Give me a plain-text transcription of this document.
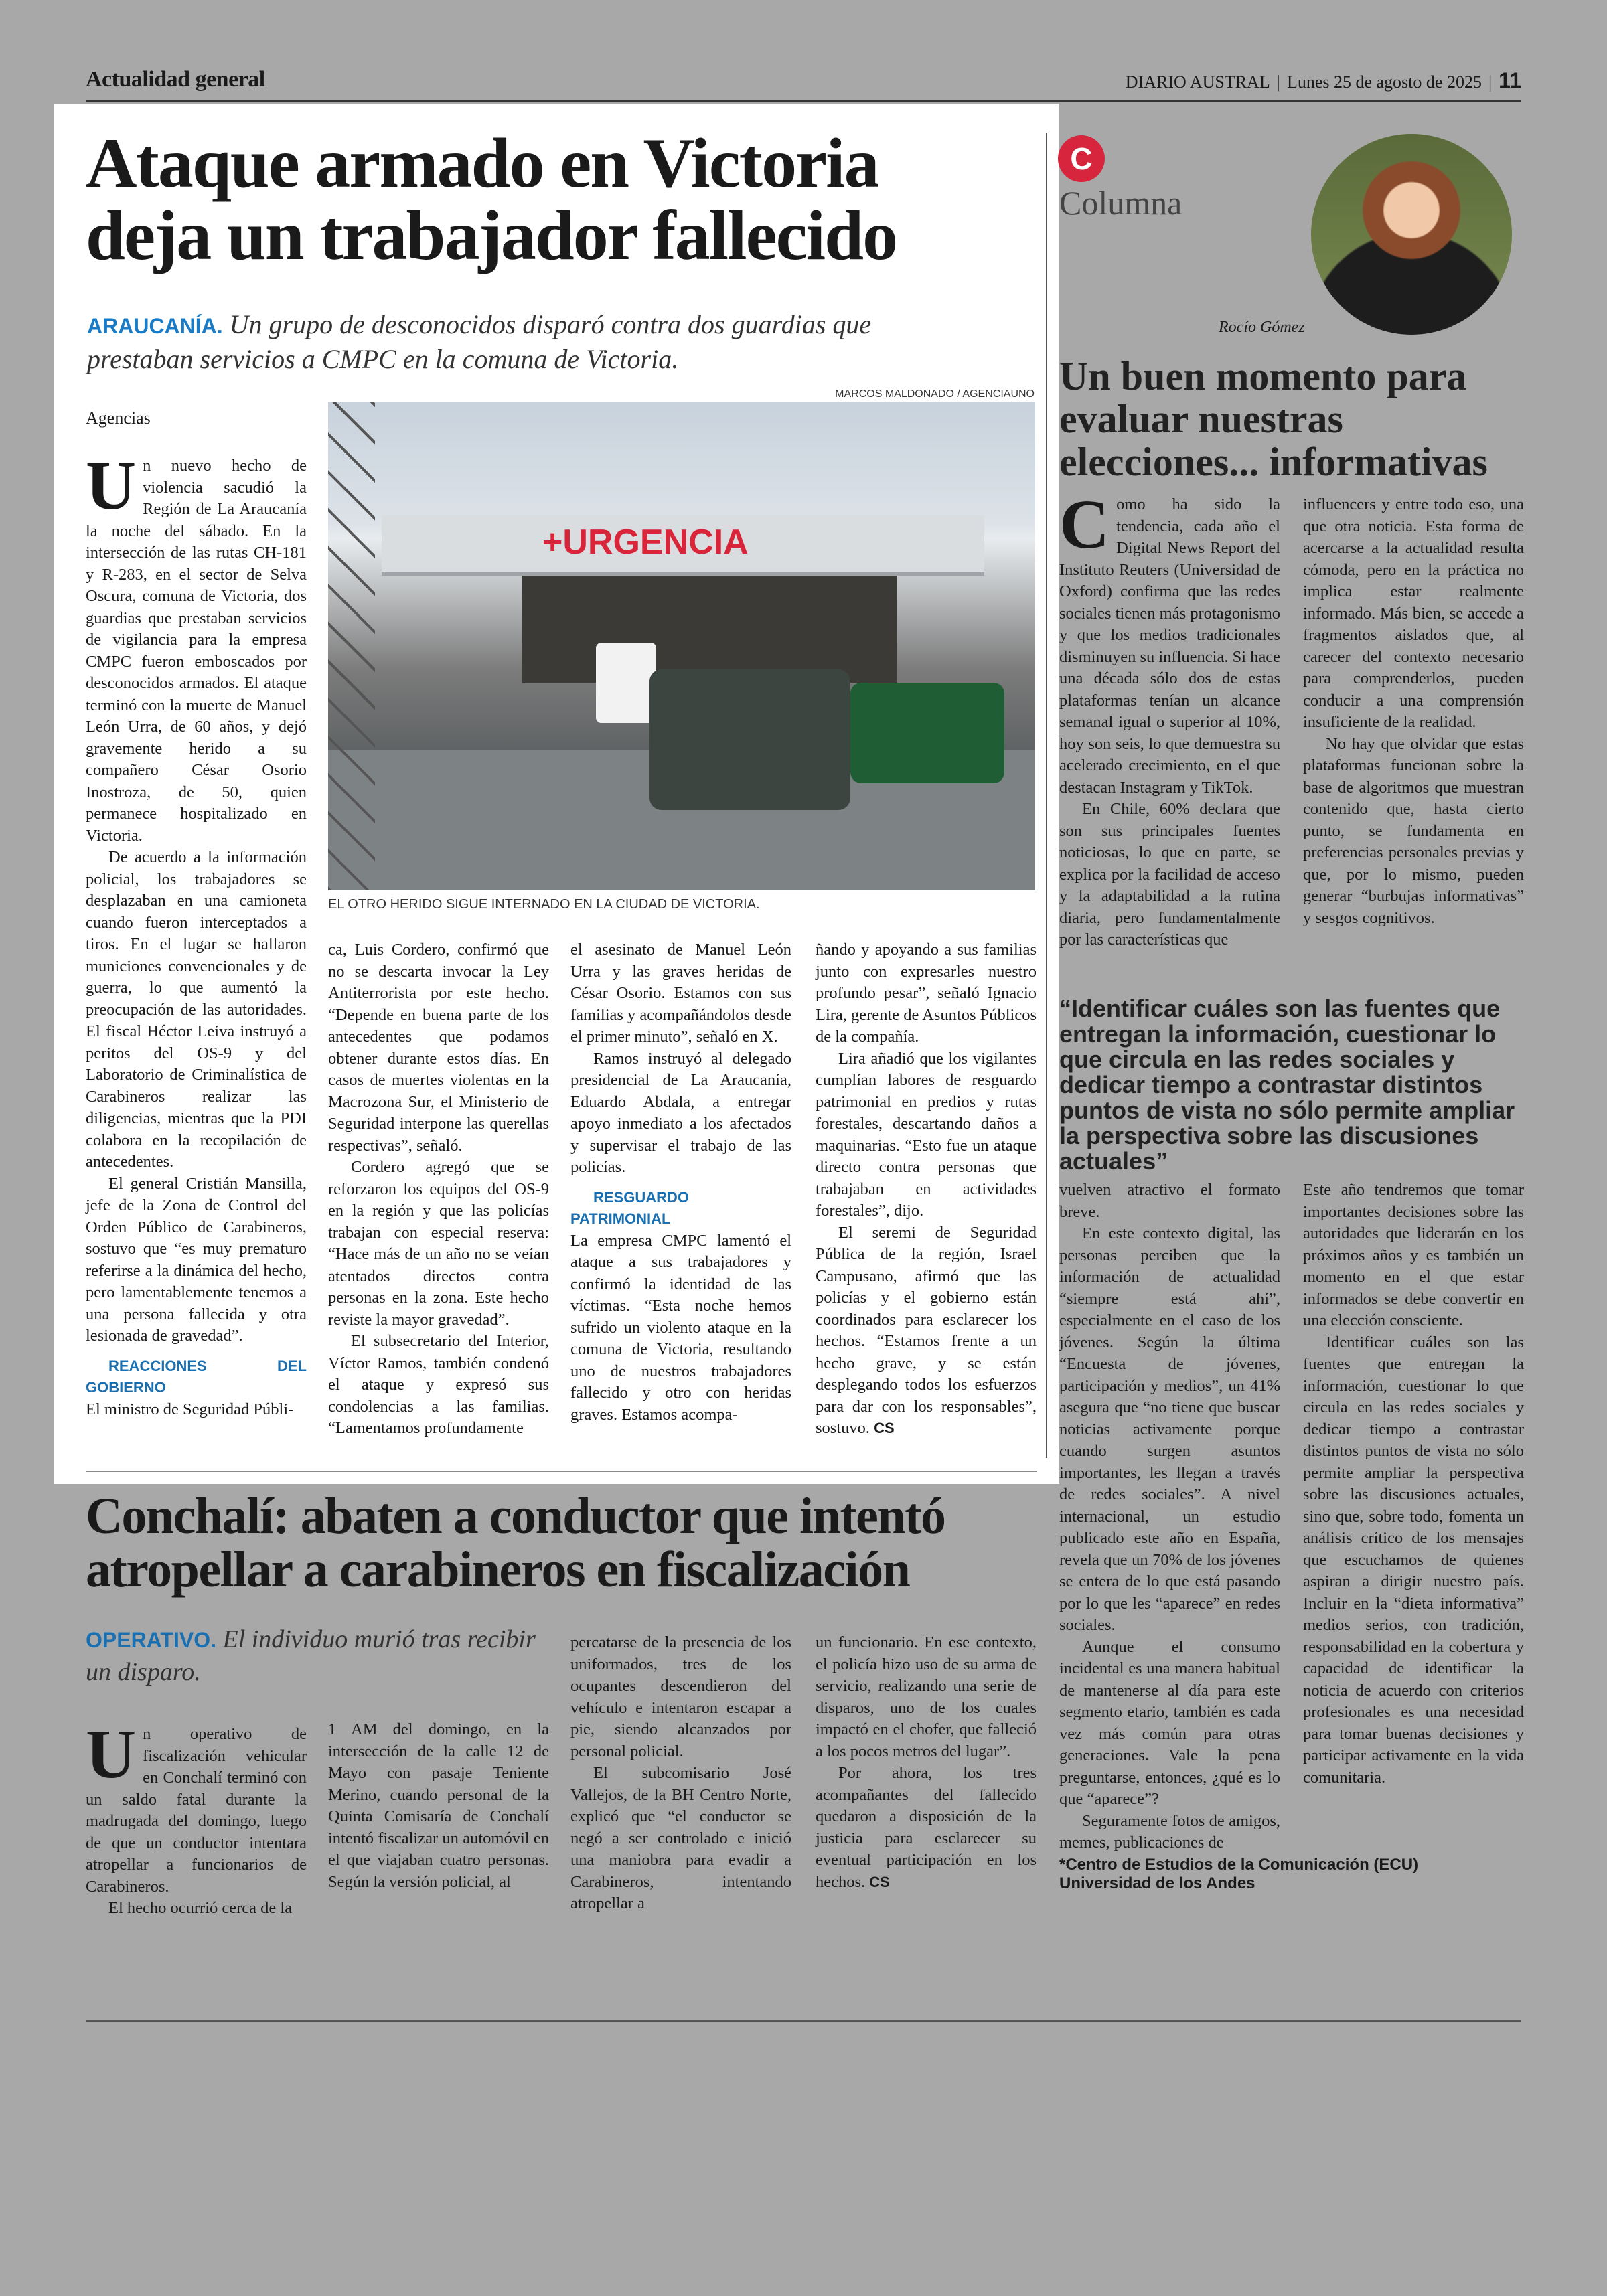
Actualidad general	DIARIO AUSTRAL | Lunes 25 de agosto de 2025 | 11
Ataque armado en Victoria
deja un trabajador fallecido
ARAUCANÍA. Un grupo de desconocidos disparó contra dos guardias que prestaban servicios a CMPC en la comuna de Victoria.
MARCOS MALDONADO / AGENCIAUNO
+URGENCIA
EL OTRO HERIDO SIGUE INTERNADO EN LA CIUDAD DE VICTORIA.
Agencias

Un nuevo hecho de violencia sacudió la Región de La Araucanía la noche del sábado. En la intersección de las rutas CH-181 y R-283, en el sector de Selva Oscura, comuna de Victoria, dos guardias que prestaban servicios de vigilancia para la empresa CMPC fueron emboscados por desconocidos armados. El ataque terminó con la muerte de Manuel León Urra, de 60 años, y dejó gravemente herido a su compañero César Osorio Inostroza, de 50, quien permanece hospitalizado en Victoria.

De acuerdo a la información policial, los trabajadores se desplazaban en una camioneta cuando fueron interceptados a tiros. En el lugar se hallaron municiones convencionales y de guerra, lo que aumentó la preocupación de las autoridades. El fiscal Héctor Leiva instruyó a peritos del OS-9 y del Laboratorio de Criminalística de Carabineros realizar las diligencias, mientras que la PDI colabora en la recopilación de antecedentes.

El general Cristián Mansilla, jefe de la Zona de Control del Orden Público de Carabineros, sostuvo que “es muy prematuro referirse a la dinámica del hecho, pero lamentablemente tenemos a una persona fallecida y otra lesionada de gravedad”.

REACCIONES DEL GOBIERNO

El ministro de Seguridad Públi-

ca, Luis Cordero, confirmó que no se descarta invocar la Ley Antiterrorista por este hecho. “Depende en buena parte de los antecedentes que podamos obtener durante estos días. En casos de muertes violentas en la Macrozona Sur, el Ministerio de Seguridad interpone las querellas respectivas”, señaló.

Cordero agregó que se reforzaron los equipos del OS-9 en la región y que las policías trabajan con especial reserva: “Hace más de un año no se veían atentados directos contra personas en la zona. Este hecho reviste la mayor gravedad”.

El subsecretario del Interior, Víctor Ramos, también condenó el ataque y expresó sus condolencias a las familias. “Lamentamos profundamente

el asesinato de Manuel León Urra y las graves heridas de César Osorio. Estamos con sus familias y acompañándolos desde el primer minuto”, señaló en X.

Ramos instruyó al delegado presidencial de La Araucanía, Eduardo Abdala, a entregar apoyo inmediato a los afectados y supervisar el trabajo de las policías.

RESGUARDO PATRIMONIAL

La empresa CMPC lamentó el ataque a sus trabajadores y confirmó la identidad de las víctimas. “Esta noche hemos sufrido un violento ataque en la comuna de Victoria, resultando uno de nuestros trabajadores fallecido y otro con heridas graves. Estamos acompa-

ñando y apoyando a sus familias junto con expresarles nuestro profundo pesar”, señaló Ignacio Lira, gerente de Asuntos Públicos de la compañía.

Lira añadió que los vigilantes cumplían labores de resguardo patrimonial en predios y rutas forestales, descartando daños a maquinarias. “Esto fue un ataque directo contra personas que trabajaban en actividades forestales”, dijo.

El seremi de Seguridad Pública de la región, Israel Campusano, afirmó que las policías y el gobierno están coordinados para esclarecer los hechos. “Estamos frente a un hecho grave, y se están desplegando todos los esfuerzos para dar con los responsables”, sostuvo. CS

Conchalí: abaten a conductor que intentó
atropellar a carabineros en fiscalización
OPERATIVO. El individuo murió tras recibir un disparo.

Un operativo de fiscalización vehicular en Conchalí terminó con un saldo fatal durante la madrugada del domingo, luego de que un conductor intentara atropellar a funcionarios de Carabineros.

El hecho ocurrió cerca de la

1 AM del domingo, en la intersección de la calle 12 de Mayo con pasaje Teniente Merino, cuando personal de la Quinta Comisaría de Conchalí intentó fiscalizar un automóvil en el que viajaban cuatro personas. Según la versión policial, al

percatarse de la presencia de los uniformados, tres de los ocupantes descendieron del vehículo e intentaron escapar a pie, siendo alcanzados por personal policial.

El subcomisario José Vallejos, de la BH Centro Norte, explicó que “el conductor se negó a ser controlado e inició una maniobra para evadir a Carabineros, intentando atropellar a

un funcionario. En ese contexto, el policía hizo uso de su arma de servicio, realizando una serie de disparos, uno de los cuales impactó en el chofer, que falleció a los pocos metros del lugar”.

Por ahora, los tres acompañantes del fallecido quedaron a disposición de la justicia para esclarecer su eventual participación en los hechos. CS

C
Columna
Rocío Gómez
Un buen momento para evaluar nuestras elecciones... informativas

Como ha sido la tendencia, cada año el Digital News Report del Instituto Reuters (Universidad de Oxford) confirma que las redes sociales tienen más protagonismo y que los medios tradicionales disminuyen su influencia. Si hace una década sólo dos de estas plataformas tenían un alcance semanal igual o superior al 10%, hoy son seis, lo que demuestra su acelerado crecimiento, en el que destacan Instagram y TikTok.

En Chile, 60% declara que son sus principales fuentes noticiosas, lo que en parte, se explica por la facilidad de acceso y la adaptabilidad a la rutina diaria, pero fundamentalmente por las características que

influencers y entre todo eso, una que otra noticia. Esta forma de acercarse a la actualidad resulta cómoda, pero en la práctica no implica estar realmente informado. Más bien, se accede a fragmentos aislados que, al carecer del contexto necesario para comprenderlos, pueden conducir a una comprensión insuficiente de la realidad.

No hay que olvidar que estas plataformas funcionan sobre la base de algoritmos que muestran contenido que, hasta cierto punto, se fundamenta en preferencias personales previas y que, por lo mismo, pueden generar “burbujas informativas” y sesgos cognitivos.

“Identificar cuáles son las fuentes que entregan la información, cuestionar lo que circula en las redes sociales y dedicar tiempo a contrastar distintos puntos de vista no sólo permite ampliar la perspectiva sobre las discusiones actuales”

vuelven atractivo el formato breve.

En este contexto digital, las personas perciben que la información de actualidad “siempre está ahí”, especialmente en el caso de los jóvenes. Según la última “Encuesta de jóvenes, participación y medios”, un 41% asegura que “no tiene que buscar noticias activamente porque cuando surgen asuntos importantes, les llegan a través de redes sociales”. A nivel internacional, un estudio publicado este año en España, revela que un 70% de los jóvenes se entera de lo que está pasando por lo que les “aparece” en redes sociales.

Aunque el consumo incidental es una manera habitual de mantenerse al día para este segmento etario, también es cada vez más común para otras generaciones. Vale la pena preguntarse, entonces, ¿qué es lo que “aparece”?

Seguramente fotos de amigos, memes, publicaciones de

Este año tendremos que tomar importantes decisiones sobre las autoridades que liderarán en los próximos años y es también un momento en el que estar informados se debe convertir en una elección consciente.

Identificar cuáles son las fuentes que entregan la información, cuestionar lo que circula en las redes sociales y dedicar tiempo a contrastar distintos puntos de vista no sólo permite ampliar la perspectiva sobre las discusiones actuales, sino que, sobre todo, fomenta un análisis crítico de los mensajes que escuchamos de quienes aspiran a dirigir nuestro país. Incluir en la “dieta informativa” medios serios, con tradición, responsabilidad en la cobertura y capacidad de identificar la noticia de acuerdo con criterios profesionales es una necesidad para tomar buenas decisiones y participar activamente en la vida comunitaria.

*Centro de Estudios de la Comunicación (ECU)
Universidad de los Andes
